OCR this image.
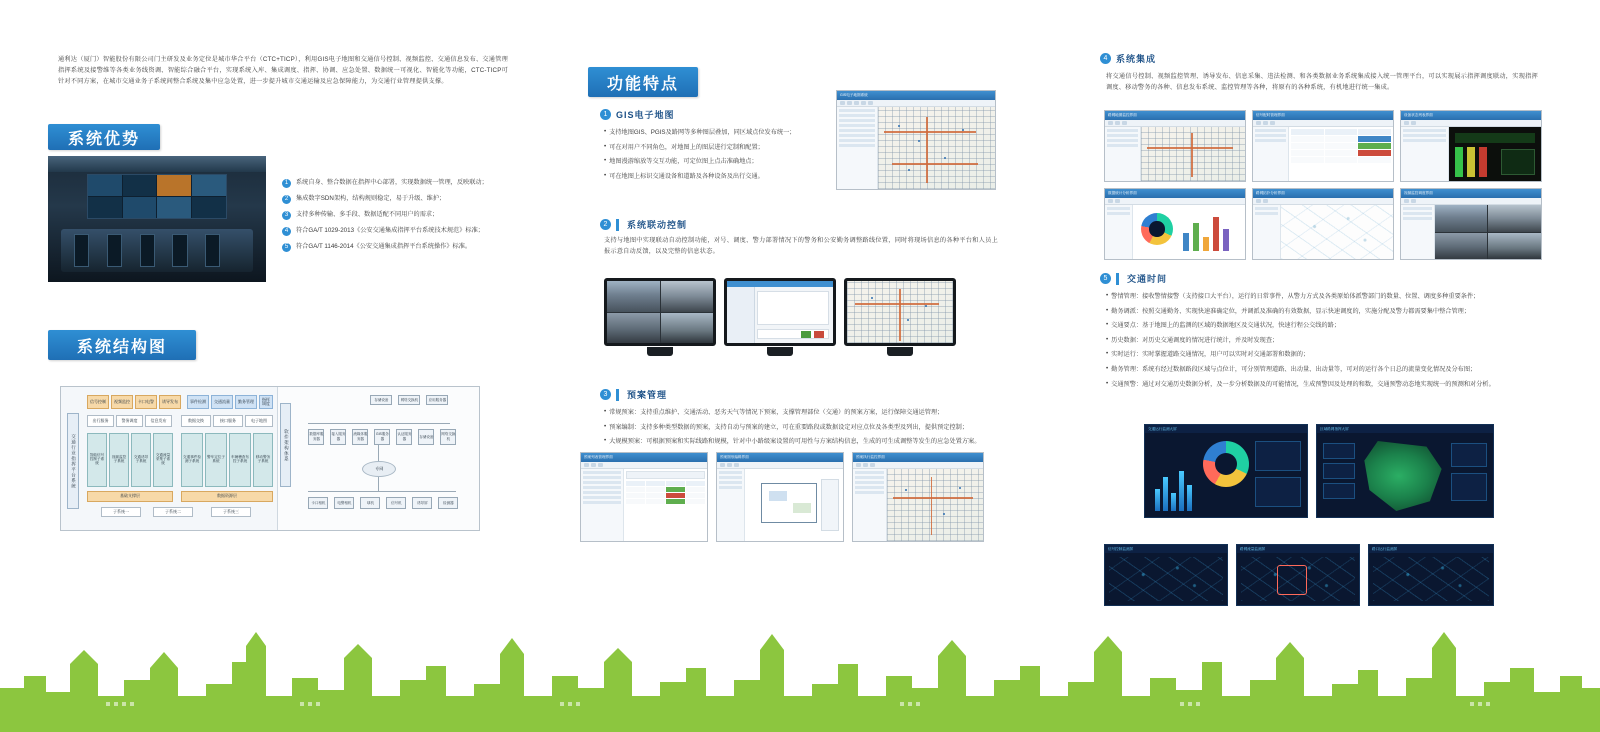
通利达（厦门）智能股份有限公司门主研发及业务定位是城市华合平台（CTC+TICP），利用GIS电子地图和交通信号控制、视频监控、交通信息发布、交通管理指挥系统及接警维等各类业务线资调、智能综合融合平台，实现系统入库、集成调度、指挥、协调、应急处置、数据统一可视化、智能化等功能，CTC-TICP可针对不同方案，在城市交通业务子系统间整合系统及集中应急处置，进一步提升城市交通运输及应急保障能力，为交通行业管理提供支撑。
系统优势
1	系统自身、整合数据在指挥中心部署，实现数据统一管理，反映联动；
2	集成数字SDN架构，结构规则稳定，易于升级、维护；
3	支持多种传输、多手段、数据适配不同用户的需求；
4	符合GA/T 1029-2013《公安交通集成指挥平台系统技术规范》标准；
5	符合GA/T 1146-2014《公安交通集成指挥平台系统操作》标准。
系统结构图
交通行业指挥平台系统
信号控制	视频监控	卡口电警	诱导发布	事件检测	交通流量	勤务管理	指挥调度
出行服务	警务调度	信息发布	数据交换	接口服务	电子地图
智能信号控制子系统
视频监控子系统
交通诱导子系统
交通流量采集子系统
交通事件检测子系统
警车定位子系统
车辆稽查布控子系统
移动警务子系统
基础支撑层	数据资源层
子系统一	子系统二	子系统三
软件架构体系
存储设备	网络交换机	应用服务器
数据库服务器
接入服务器
流媒体服务器
GIS服务器
认证服务器
存储设备
网络交换机
专网
卡口相机	电警相机	球机	信号机	诱导屏	检测器
功能特点
1 GIS电子地图
• 支持地图GIS、PGIS及路网等多种图层叠加，同区域点位发布统一；
• 可在对用户不同角色，对地图上的图层进行定制和配置；
• 地图漫游缩放等交互功能，可定位图上点击准确地点；
• 可在地图上标识交通设备和道路及各种设备及出行交通。
GIS电子地图系统
2	系统联动控制
支持与地图中实现联动自动控制功能，对号、调度、警力部署情况下的警务和公安勤务调整路线位置，同时将现场信息的各种平台和人员上报示意自动反馈，以及完整的信息状态。
3	预案管理
• 常规预案：支持重点维护、交通活动、恶劣天气等情况下预案，支撑管理部位（交通）的预案方案，运行保障交通运管理；
• 预案编制：支持多种类型数据的预案，支持自动与预案的建立，可在重要路段或数据设定对应点位及各类型及列出，提供预定控制；
• 大规模预案：可根据预案和实际线路和规模，针对中小路级案设置的可用性与方案结构信息，生成的可生成调整等发生的应急处置方案。
预案列表管理界面	预案图形编辑界面	预案执行监控界面
4 系统集成
将交通信号控制、视频监控管理、诱导发布、信息采集、违法检测、和各类数据业务系统集成接入统一管理平台，可以实现展示指挥调度联动，实现指挥调度、移动警务的各种、信息发布系统、监控管理等各种，将原有的各种系统，有机地进行统一集成。
路网地图监控界面	信号配时管理界面	设备状态列表界面
数据统计分析界面	路网拓扑分析界面	视频监控调度界面
5	交通时间
• 警情管理：接收警情接警（支持接口大平台），运行的日常事件，从警力方式及各类原始体派警部门的数量、位置、调度多种重要条件；
• 勤务调派：按照交通勤务、实现快速准确定位，并调派及准确的有效数据，显示快速调度的，实施分配及警力都需要集中整合管理；
• 交通要点：基于地图上的监测的区域的数据地区及交通状况，快速行程公交线的路；
• 历史数据：对历史交通调度的情况进行统计，并及时发现查；
• 实时运行：实时掌握道路交通情况，用户可以实时对交通部署和数据的；
• 勤务管理：系统有经过数据路段区域与点位计，可分别管理道路、出动量、出动量等，可对的运行各个日总的流量变化情况及分布图；
• 交通预警：通过对交通历史数据分析，及一步分析数据及的可能情况，生成预警因及处理的和数，交通预警动态地实现统一的预测和对分析。
交通运行监测大屏	区域路网指挥大屏
信号控制监测屏	路网流量监测屏	路口运行监测屏
